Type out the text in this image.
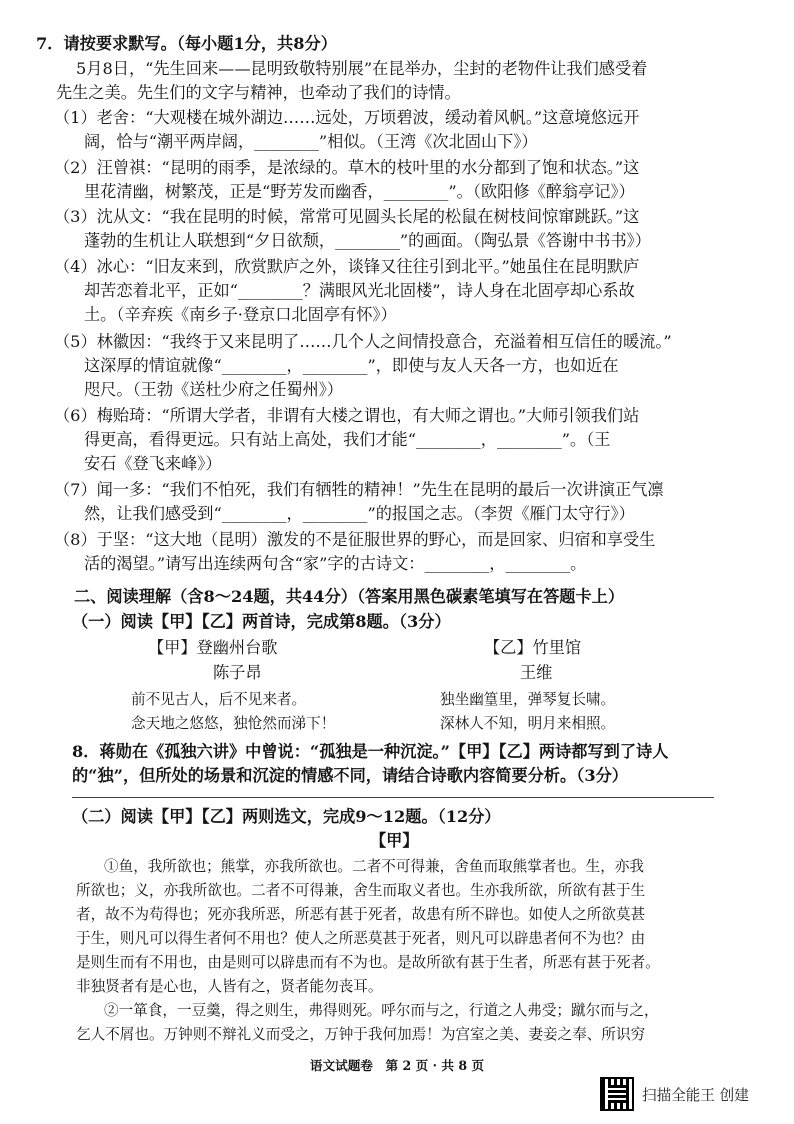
7．请按要求默写。（每小题1分，共8分）
5月8日，“先生回来——昆明致敬特别展”在昆举办，尘封的老物件让我们感受着
先生之美。先生们的文字与精神，也牵动了我们的诗情。
（1）老舍：“大观楼在城外湖边……远处，万顷碧波，缓动着风帆。”这意境悠远开
阔，恰与“潮平两岸阔，________”相似。（王湾《次北固山下》）
（2）汪曾祺：“昆明的雨季，是浓绿的。草木的枝叶里的水分都到了饱和状态。”这
里花清幽，树繁茂，正是“野芳发而幽香，________”。（欧阳修《醉翁亭记》）
（3）沈从文：“我在昆明的时候，常常可见圆头长尾的松鼠在树枝间惊窜跳跃。”这
蓬勃的生机让人联想到“夕日欲颓，________”的画面。（陶弘景《答谢中书书》）
（4）冰心：“旧友来到，欣赏默庐之外，谈锋又往往引到北平。”她虽住在昆明默庐
却苦恋着北平，正如“________？满眼风光北固楼”，诗人身在北固亭却心系故
土。（辛弃疾《南乡子·登京口北固亭有怀》）
（5）林徽因：“我终于又来昆明了……几个人之间情投意合，充溢着相互信任的暖流。”
这深厚的情谊就像“________，________”，即使与友人天各一方，也如近在
咫尺。（王勃《送杜少府之任蜀州》）
（6）梅贻琦：“所谓大学者，非谓有大楼之谓也，有大师之谓也。”大师引领我们站
得更高，看得更远。只有站上高处，我们才能“________，________”。（王
安石《登飞来峰》）
（7）闻一多：“我们不怕死，我们有牺牲的精神！”先生在昆明的最后一次讲演正气凛
然，让我们感受到“________，________”的报国之志。（李贺《雁门太守行》）
（8）于坚：“这大地（昆明）激发的不是征服世界的野心，而是回家、归宿和享受生
活的渴望。”请写出连续两句含“家”字的古诗文：________，________。
二、阅读理解（含8～24题，共44分）（答案用黑色碳素笔填写在答题卡上）
（一）阅读【甲】【乙】两首诗，完成第8题。（3分）
【甲】登幽州台歌
陈子昂
前不见古人，后不见来者。
念天地之悠悠，独怆然而涕下！
【乙】竹里馆
王维
独坐幽篁里，弹琴复长啸。
深林人不知，明月来相照。
8．蒋勋在《孤独六讲》中曾说：“孤独是一种沉淀。”【甲】【乙】两诗都写到了诗人
的“独”，但所处的场景和沉淀的情感不同，请结合诗歌内容简要分析。（3分）
（二）阅读【甲】【乙】两则选文，完成9～12题。（12分）
【甲】
①鱼，我所欲也；熊掌，亦我所欲也。二者不可得兼，舍鱼而取熊掌者也。生，亦我
所欲也；义，亦我所欲也。二者不可得兼，舍生而取义者也。生亦我所欲，所欲有甚于生
者，故不为苟得也；死亦我所恶，所恶有甚于死者，故患有所不辟也。如使人之所欲莫甚
于生，则凡可以得生者何不用也？使人之所恶莫甚于死者，则凡可以辟患者何不为也？由
是则生而有不用也，由是则可以辟患而有不为也。是故所欲有甚于生者，所恶有甚于死者。
非独贤者有是心也，人皆有之，贤者能勿丧耳。
②一箪食，一豆羹，得之则生，弗得则死。呼尔而与之，行道之人弗受；蹴尔而与之，
乞人不屑也。万钟则不辩礼义而受之，万钟于我何加焉！为宫室之美、妻妾之奉、所识穷
语文试题卷　第 2 页 · 共 8 页
扫描全能王 创建
